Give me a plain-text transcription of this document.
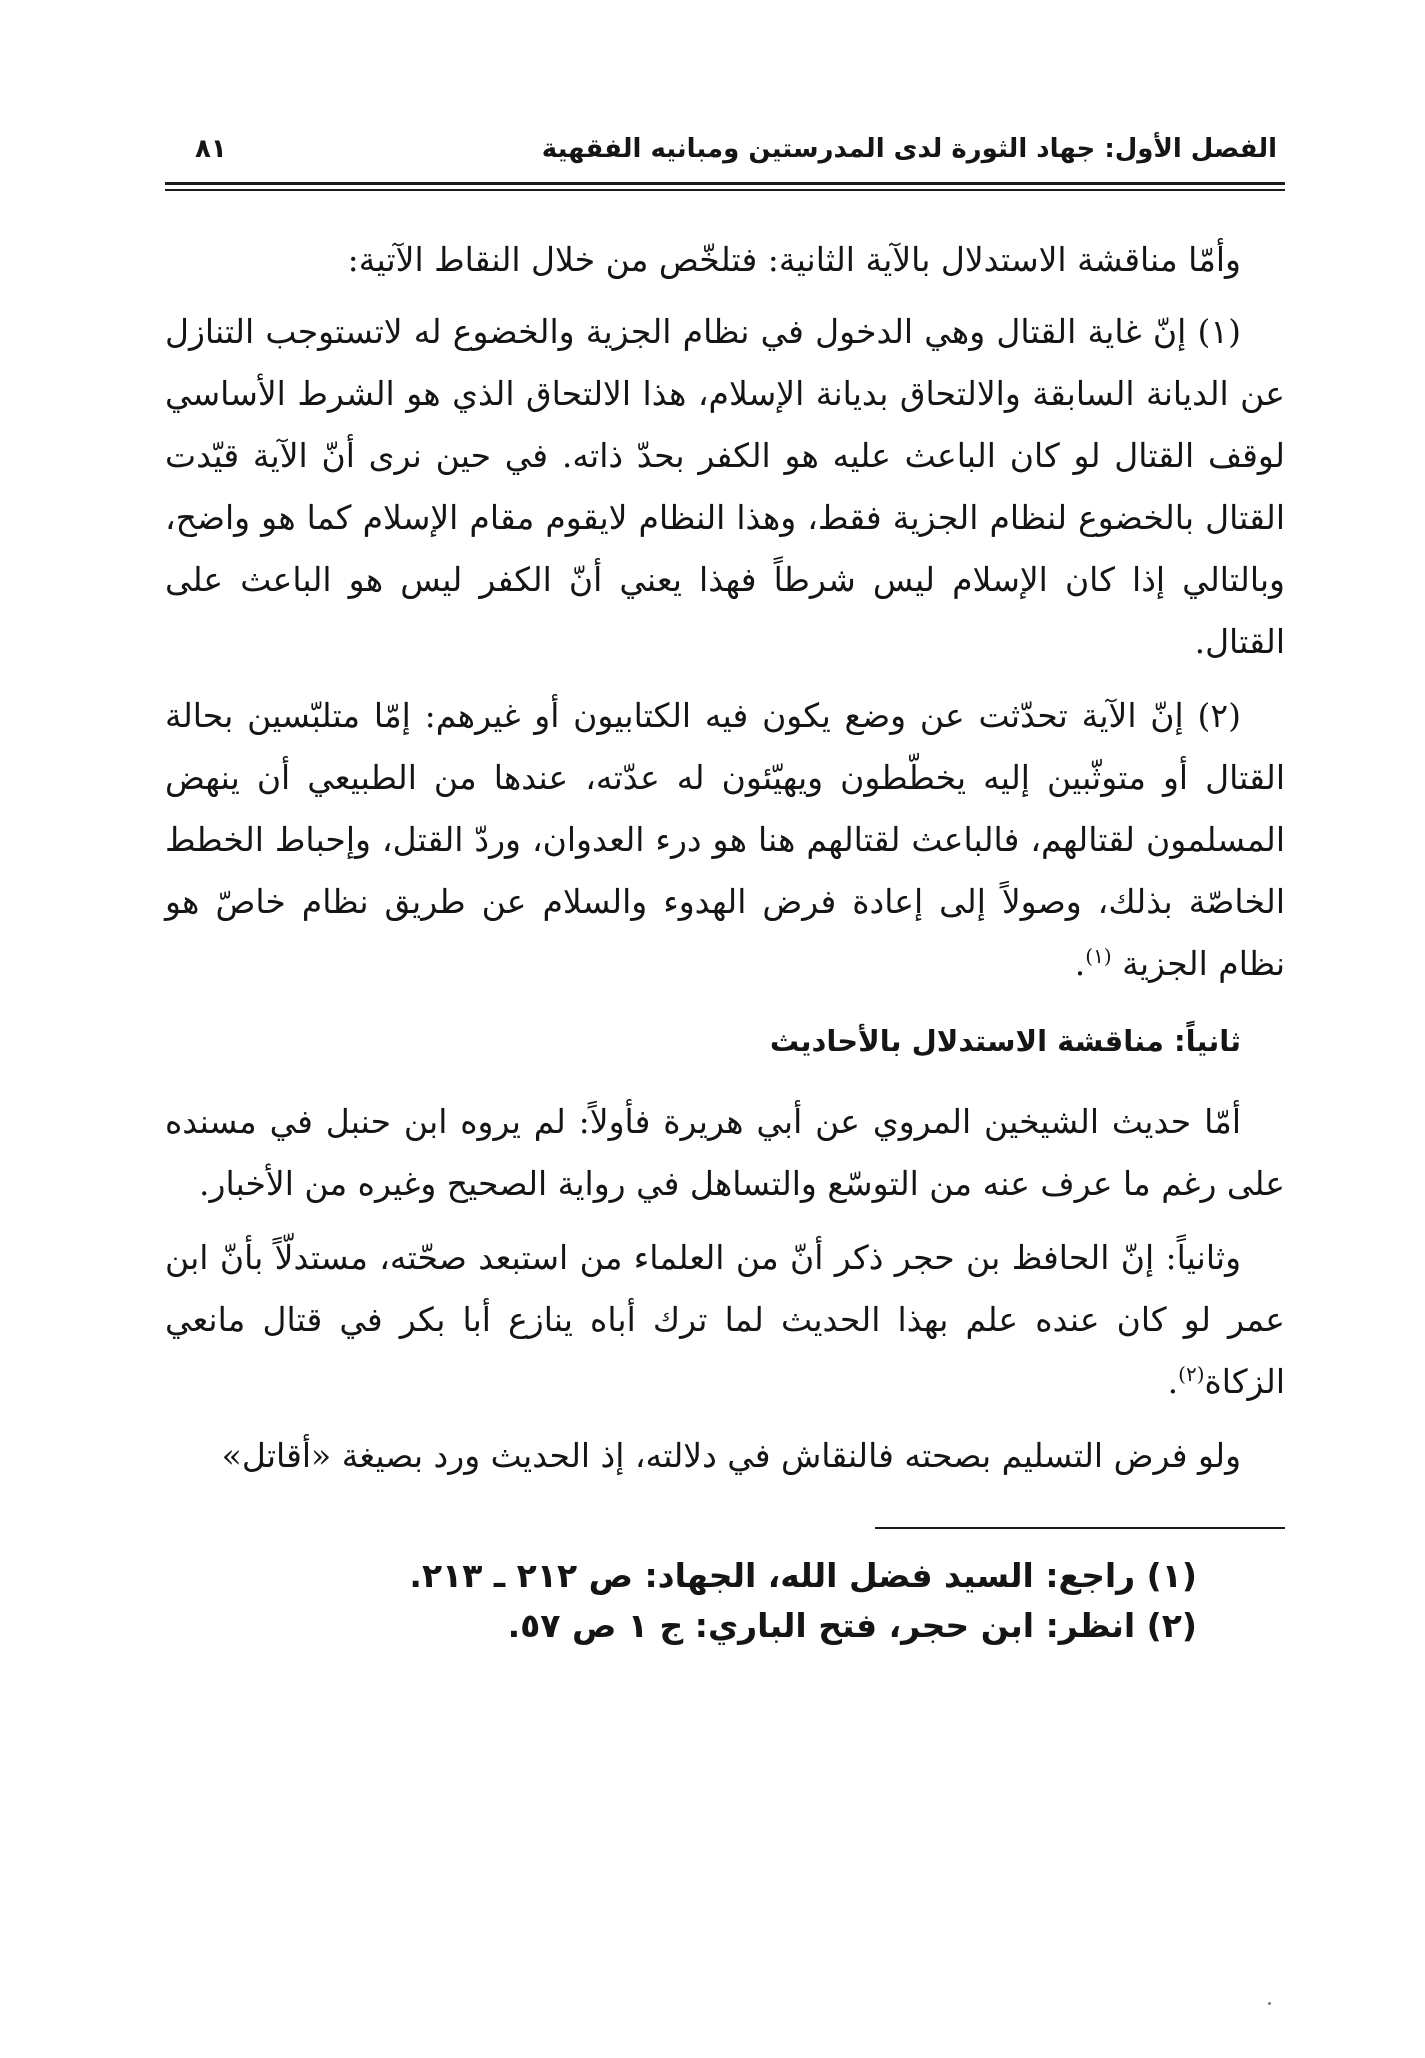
الفصل الأول: جهاد الثورة لدى المدرستين ومبانيه الفقهية
٨١

وأمّا مناقشة الاستدلال بالآية الثانية: فتلخّص من خلال النقاط الآتية:

(١) إنّ غاية القتال وهي الدخول في نظام الجزية والخضوع له لاتستوجب التنازل عن الديانة السابقة والالتحاق بديانة الإسلام، هذا الالتحاق الذي هو الشرط الأساسي لوقف القتال لو كان الباعث عليه هو الكفر بحدّ ذاته. في حين نرى أنّ الآية قيّدت القتال بالخضوع لنظام الجزية فقط، وهذا النظام لايقوم مقام الإسلام كما هو واضح، وبالتالي إذا كان الإسلام ليس شرطاً فهذا يعني أنّ الكفر ليس هو الباعث على القتال.

(٢) إنّ الآية تحدّثت عن وضع يكون فيه الكتابيون أو غيرهم: إمّا متلبّسين بحالة القتال أو متوثّبين إليه يخطّطون ويهيّئون له عدّته، عندها من الطبيعي أن ينهض المسلمون لقتالهم، فالباعث لقتالهم هنا هو درء العدوان، وردّ القتل، وإحباط الخطط الخاصّة بذلك، وصولاً إلى إعادة فرض الهدوء والسلام عن طريق نظام خاصّ هو نظام الجزية $^{(١)}$.

ثانياً: مناقشة الاستدلال بالأحاديث

أمّا حديث الشيخين المروي عن أبي هريرة فأولاً: لم يروه ابن حنبل في مسنده على رغم ما عرف عنه من التوسّع والتساهل في رواية الصحيح وغيره من الأخبار.

وثانياً: إنّ الحافظ بن حجر ذكر أنّ من العلماء من استبعد صحّته، مستدلّاً بأنّ ابن عمر لو كان عنده علم بهذا الحديث لما ترك أباه ينازع أبا بكر في قتال مانعي الزكاة$^{(٢)}$.

ولو فرض التسليم بصحته فالنقاش في دلالته، إذ الحديث ورد بصيغة «أقاتل»

(١) راجع: السيد فضل الله، الجهاد: ص ٢١٢ ـ ٢١٣.

(٢) انظر: ابن حجر، فتح الباري: ج ١ ص ٥٧.
